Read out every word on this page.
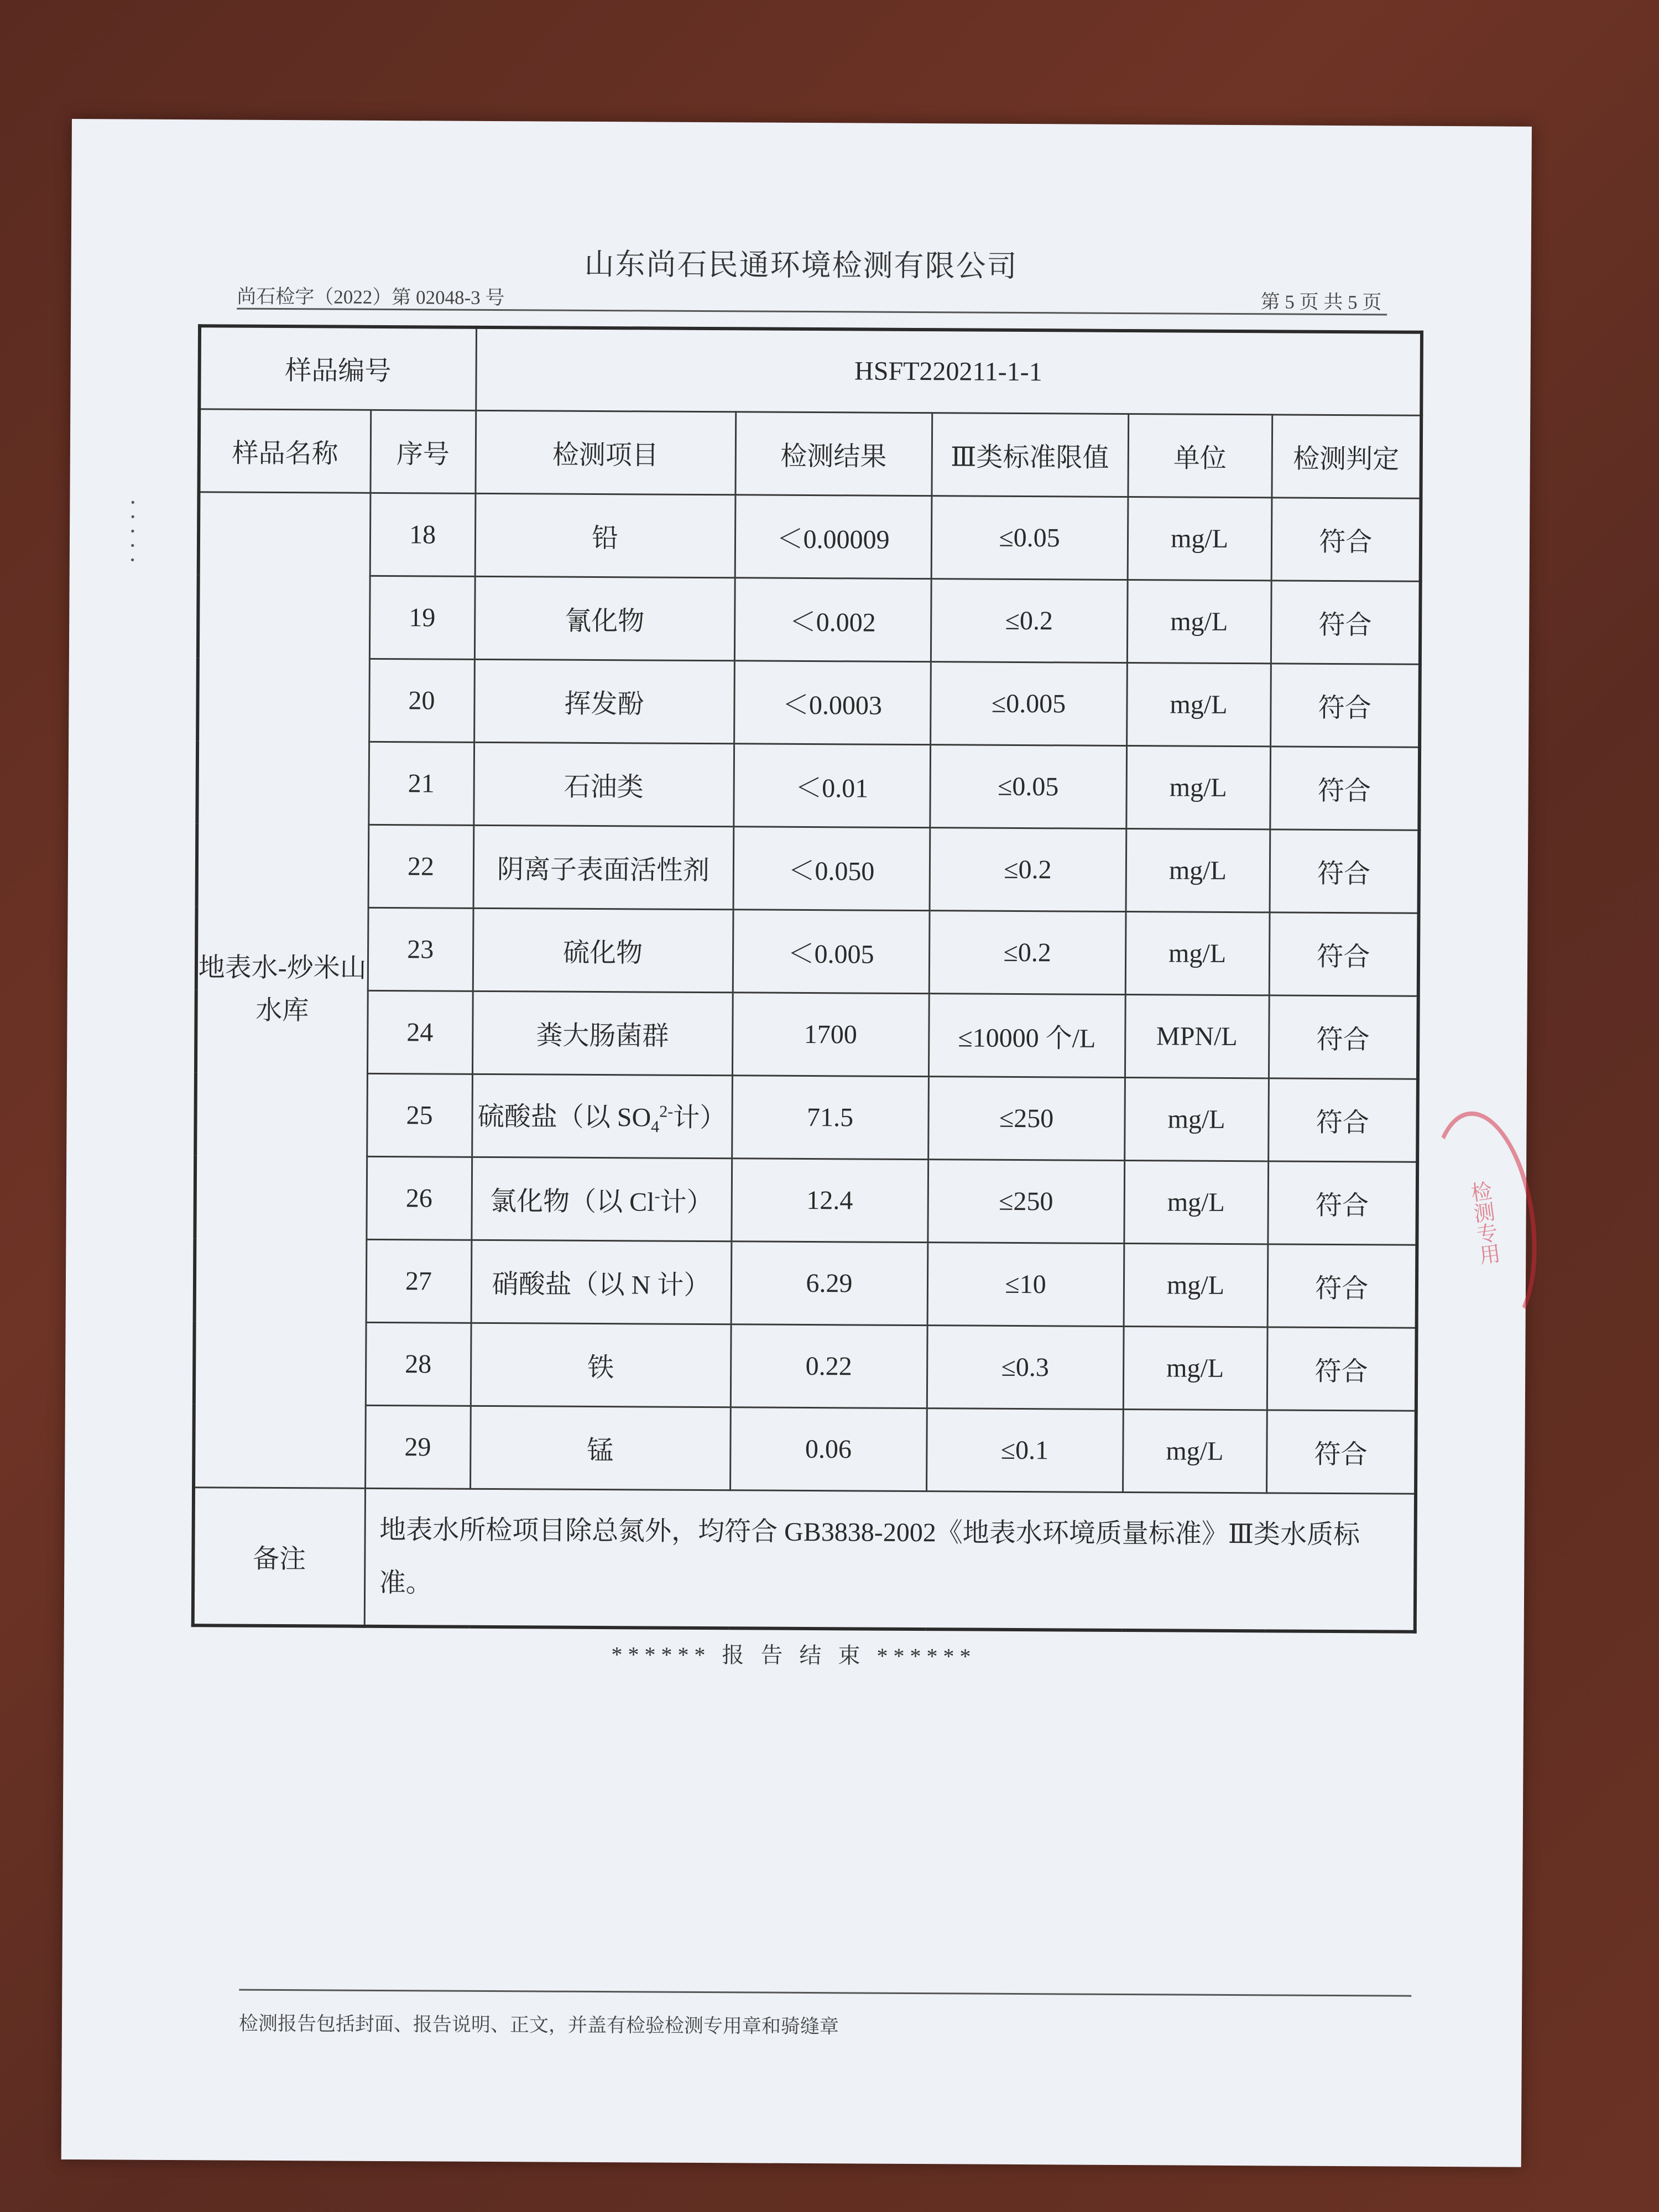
•
•
•
•
•
山东尚石民通环境检测有限公司
尚石检字（2022）第 02048-3 号	第 5 页 共 5 页
样品编号		HSFT220211-1-1				
样品名称	序号	检测项目	检测结果	Ⅲ类标准限值	单位	检测判定
地表水-炒米山水库	18	铅	＜0.00009	≤0.05	mg/L	符合
	19	氰化物	＜0.002	≤0.2	mg/L	符合
	20	挥发酚	＜0.0003	≤0.005	mg/L	符合
	21	石油类	＜0.01	≤0.05	mg/L	符合
	22	阴离子表面活性剂	＜0.050	≤0.2	mg/L	符合
	23	硫化物	＜0.005	≤0.2	mg/L	符合
	24	粪大肠菌群	1700	≤10000 个/L	MPN/L	符合
	25	硫酸盐（以 $SO_4^{2-}$计）	71.5	≤250	mg/L	符合
	26	氯化物（以 Cl-计）	12.4	≤250	mg/L	符合
	27	硝酸盐（以 N 计）	6.29	≤10	mg/L	符合
	28	铁	0.22	≤0.3	mg/L	符合
	29	锰	0.06	≤0.1	mg/L	符合
备注	地表水所检项目除总氮外，均符合 GB3838-2002《地表水环境质量标准》Ⅲ类水质标准。					
检测专用
****** 报 告 结 束 ******
检测报告包括封面、报告说明、正文，并盖有检验检测专用章和骑缝章
